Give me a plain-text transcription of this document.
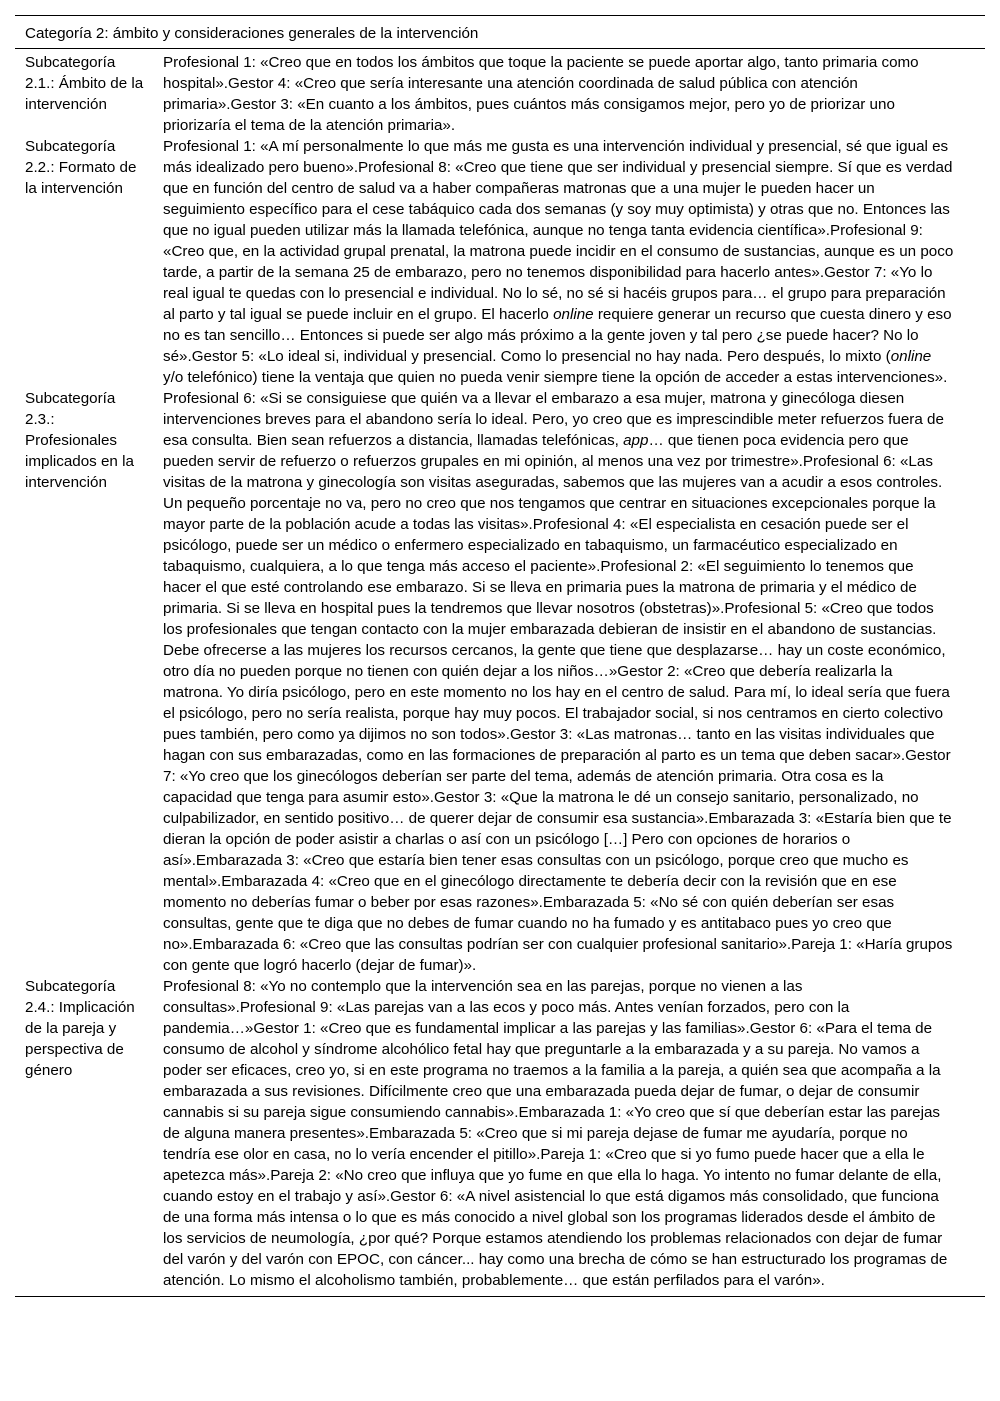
Categoría 2: ámbito y consideraciones generales de la intervención	
Subcategoría 2.1.: Ámbito de la intervención	Profesional 1: «Creo que en todos los ámbitos que toque la paciente se puede aportar algo, tanto primaria como hospital».Gestor 4: «Creo que sería interesante una atención coordinada de salud pública con atención primaria».Gestor 3: «En cuanto a los ámbitos, pues cuántos más consigamos mejor, pero yo de priorizar uno priorizaría el tema de la atención primaria».
Subcategoría 2.2.: Formato de la intervención	Profesional 1: «A mí personalmente lo que más me gusta es una intervención individual y presencial, sé que igual es más idealizado pero bueno».Profesional 8: «Creo que tiene que ser individual y presencial siempre. Sí que es verdad que en función del centro de salud va a haber compañeras matronas que a una mujer le pueden hacer un seguimiento específico para el cese tabáquico cada dos semanas (y soy muy optimista) y otras que no. Entonces las que no igual pueden utilizar más la llamada telefónica, aunque no tenga tanta evidencia científica».Profesional 9: «Creo que, en la actividad grupal prenatal, la matrona puede incidir en el consumo de sustancias, aunque es un poco tarde, a partir de la semana 25 de embarazo, pero no tenemos disponibilidad para hacerlo antes».Gestor 7: «Yo lo real igual te quedas con lo presencial e individual. No lo sé, no sé si hacéis grupos para… el grupo para preparación al parto y tal igual se puede incluir en el grupo. El hacerlo online requiere generar un recurso que cuesta dinero y eso no es tan sencillo… Entonces si puede ser algo más próximo a la gente joven y tal pero ¿se puede hacer? No lo sé».Gestor 5: «Lo ideal si, individual y presencial. Como lo presencial no hay nada. Pero después, lo mixto (online y/o telefónico) tiene la ventaja que quien no pueda venir siempre tiene la opción de acceder a estas intervenciones».
Subcategoría 2.3.: Profesionales implicados en la intervención	Profesional 6: «Si se consiguiese que quién va a llevar el embarazo a esa mujer, matrona y ginecóloga diesen intervenciones breves para el abandono sería lo ideal. Pero, yo creo que es imprescindible meter refuerzos fuera de esa consulta. Bien sean refuerzos a distancia, llamadas telefónicas, app… que tienen poca evidencia pero que pueden servir de refuerzo o refuerzos grupales en mi opinión, al menos una vez por trimestre».Profesional 6: «Las visitas de la matrona y ginecología son visitas aseguradas, sabemos que las mujeres van a acudir a esos controles. Un pequeño porcentaje no va, pero no creo que nos tengamos que centrar en situaciones excepcionales porque la mayor parte de la población acude a todas las visitas».Profesional 4: «El especialista en cesación puede ser el psicólogo, puede ser un médico o enfermero especializado en tabaquismo, un farmacéutico especializado en tabaquismo, cualquiera, a lo que tenga más acceso el paciente».Profesional 2: «El seguimiento lo tenemos que hacer el que esté controlando ese embarazo. Si se lleva en primaria pues la matrona de primaria y el médico de primaria. Si se lleva en hospital pues la tendremos que llevar nosotros (obstetras)».Profesional 5: «Creo que todos los profesionales que tengan contacto con la mujer embarazada debieran de insistir en el abandono de sustancias. Debe ofrecerse a las mujeres los recursos cercanos, la gente que tiene que desplazarse… hay un coste económico, otro día no pueden porque no tienen con quién dejar a los niños…»Gestor 2: «Creo que debería realizarla la matrona. Yo diría psicólogo, pero en este momento no los hay en el centro de salud. Para mí, lo ideal sería que fuera el psicólogo, pero no sería realista, porque hay muy pocos. El trabajador social, si nos centramos en cierto colectivo pues también, pero como ya dijimos no son todos».Gestor 3: «Las matronas… tanto en las visitas individuales que hagan con sus embarazadas, como en las formaciones de preparación al parto es un tema que deben sacar».Gestor 7: «Yo creo que los ginecólogos deberían ser parte del tema, además de atención primaria. Otra cosa es la capacidad que tenga para asumir esto».Gestor 3: «Que la matrona le dé un consejo sanitario, personalizado, no culpabilizador, en sentido positivo… de querer dejar de consumir esa sustancia».Embarazada 3: «Estaría bien que te dieran la opción de poder asistir a charlas o así con un psicólogo […] Pero con opciones de horarios o así».Embarazada 3: «Creo que estaría bien tener esas consultas con un psicólogo, porque creo que mucho es mental».Embarazada 4: «Creo que en el ginecólogo directamente te debería decir con la revisión que en ese momento no deberías fumar o beber por esas razones».Embarazada 5: «No sé con quién deberían ser esas consultas, gente que te diga que no debes de fumar cuando no ha fumado y es antitabaco pues yo creo que no».Embarazada 6: «Creo que las consultas podrían ser con cualquier profesional sanitario».Pareja 1: «Haría grupos con gente que logró hacerlo (dejar de fumar)».
Subcategoría 2.4.: Implicación de la pareja y perspectiva de género	Profesional 8: «Yo no contemplo que la intervención sea en las parejas, porque no vienen a las consultas».Profesional 9: «Las parejas van a las ecos y poco más. Antes venían forzados, pero con la pandemia…»Gestor 1: «Creo que es fundamental implicar a las parejas y las familias».Gestor 6: «Para el tema de consumo de alcohol y síndrome alcohólico fetal hay que preguntarle a la embarazada y a su pareja. No vamos a poder ser eficaces, creo yo, si en este programa no traemos a la familia a la pareja, a quién sea que acompaña a la embarazada a sus revisiones. Difícilmente creo que una embarazada pueda dejar de fumar, o dejar de consumir cannabis si su pareja sigue consumiendo cannabis».Embarazada 1: «Yo creo que sí que deberían estar las parejas de alguna manera presentes».Embarazada 5: «Creo que si mi pareja dejase de fumar me ayudaría, porque no tendría ese olor en casa, no lo vería encender el pitillo».Pareja 1: «Creo que si yo fumo puede hacer que a ella le apetezca más».Pareja 2: «No creo que influya que yo fume en que ella lo haga. Yo intento no fumar delante de ella, cuando estoy en el trabajo y así».Gestor 6: «A nivel asistencial lo que está digamos más consolidado, que funciona de una forma más intensa o lo que es más conocido a nivel global son los programas liderados desde el ámbito de los servicios de neumología, ¿por qué? Porque estamos atendiendo los problemas relacionados con dejar de fumar del varón y del varón con EPOC, con cáncer... hay como una brecha de cómo se han estructurado los programas de atención. Lo mismo el alcoholismo también, probablemente… que están perfilados para el varón».
